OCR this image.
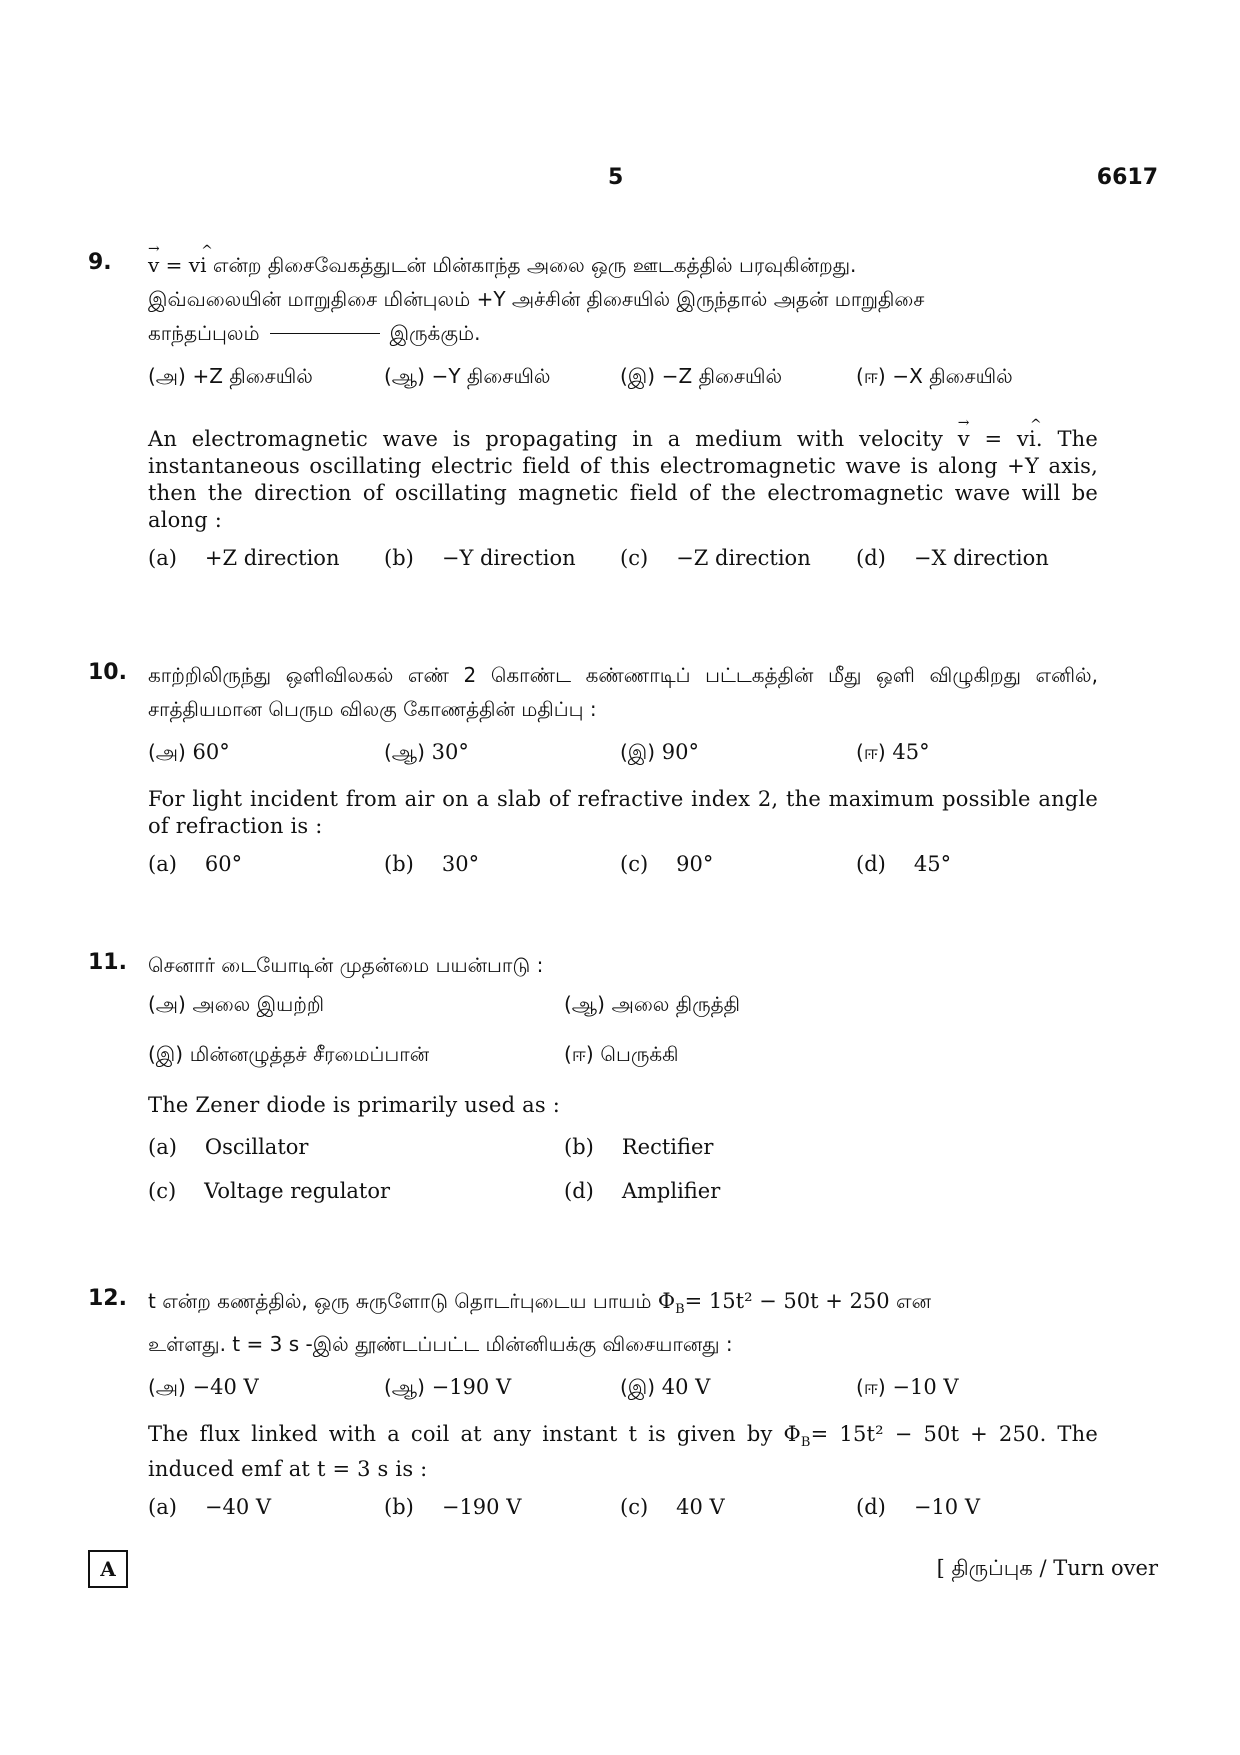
5	6617
9.

→
v = v
^
i என்ற திசைவேகத்துடன் மின்காந்த அலை ஒரு ஊடகத்தில் பரவுகின்றது.
இவ்வலையின் மாறுதிசை மின்புலம் +Y அச்சின் திசையில் இருந்தால் அதன் மாறுதிசை
காந்தப்புலம்	இருக்கும்.

(அ) +Z திசையில்	(ஆ) −Y திசையில்	(இ) −Z திசையில்	(ஈ) −X திசையில்

An electromagnetic wave is propagating in a medium with velocity
→
v = v
^
i. The instantaneous oscillating electric field of this electromagnetic wave is along +Y axis, then the direction of oscillating magnetic field of the electromagnetic wave will be along :

(a) +Z direction (b) −Y direction (c) −Z direction (d) −X direction
10. காற்றிலிருந்து ஒளிவிலகல் எண் 2 கொண்ட கண்ணாடிப் பட்டகத்தின் மீது ஒளி விழுகிறது எனில், சாத்தியமான பெரும விலகு கோணத்தின் மதிப்பு :

(அ) 60°	(ஆ) 30°	(இ) 90°	(ஈ) 45°

For light incident from air on a slab of refractive index 2, the maximum possible angle of refraction is :

(a) 60°	(b) 30°	(c) 90°	(d) 45°
11. செனார் டையோடின் முதன்மை பயன்பாடு :

(அ) அலை இயற்றி	(ஆ) அலை திருத்தி
(இ) மின்னழுத்தச் சீரமைப்பான்	(ஈ) பெருக்கி

The Zener diode is primarily used as :

(a) Oscillator	(b) Rectifier
(c) Voltage regulator	(d) Amplifier
12. t என்ற கணத்தில், ஒரு சுருளோடு தொடர்புடைய பாயம் $\Phi_B= 15t^2 - 50t + 250$ என
உள்ளது. t = 3 s -இல் தூண்டப்பட்ட மின்னியக்கு விசையானது :

(அ) −40 V	(ஆ) −190 V	(இ) 40 V	(ஈ) −10 V

The flux linked with a coil at any instant t is given by $\Phi_B= 15t^2 - 50t + 250$. The induced emf at t = 3 s is :

(a) −40 V	(b) −190 V	(c) 40 V	(d) −10 V
A	[ திருப்புக / Turn over
